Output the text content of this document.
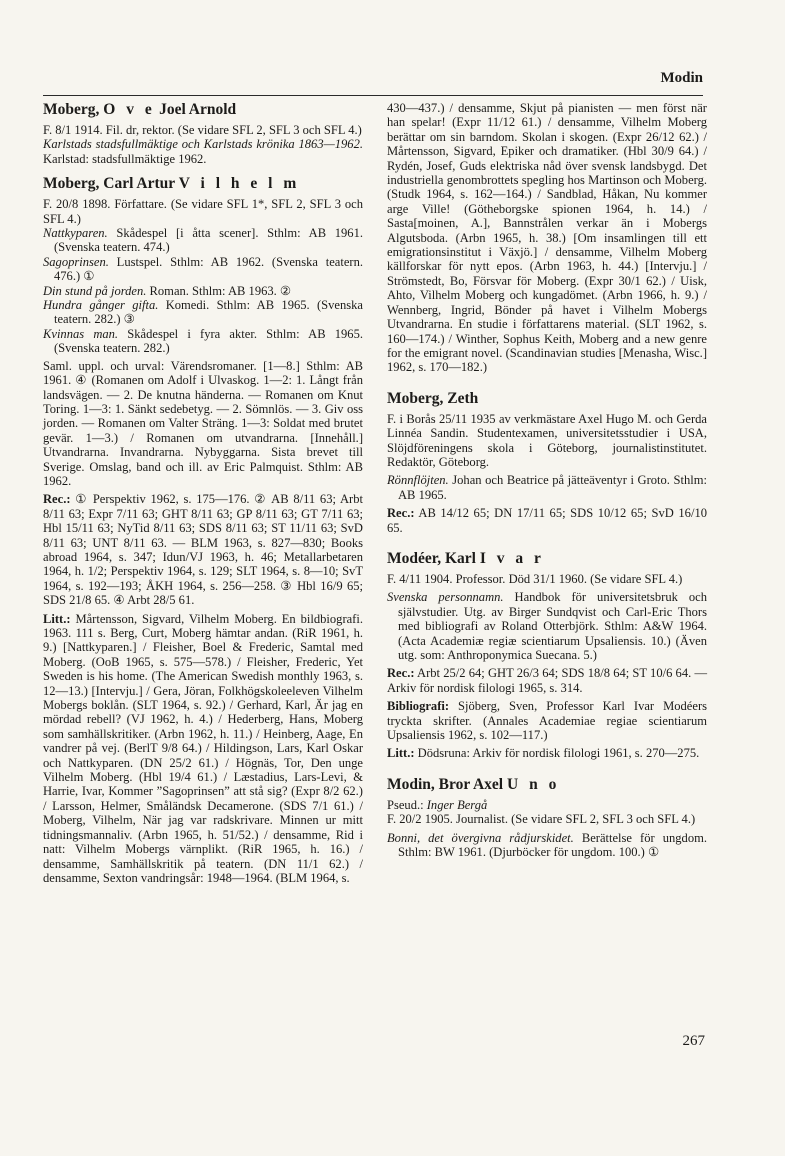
Modin
Moberg, O v e Joel Arnold

F. 8/1 1914. Fil. dr, rektor. (Se vidare SFL 2, SFL 3 och SFL 4.)

Karlstads stadsfullmäktige och Karlstads krönika 1863—1962. Karlstad: stadsfullmäktige 1962.

Moberg, Carl Artur V i l h e l m

F. 20/8 1898. Författare. (Se vidare SFL 1*, SFL 2, SFL 3 och SFL 4.)

Nattkyparen. Skådespel [i åtta scener]. Sthlm: AB 1961. (Svenska teatern. 474.)

Sagoprinsen. Lustspel. Sthlm: AB 1962. (Svenska teatern. 476.) ①

Din stund på jorden. Roman. Sthlm: AB 1963. ②

Hundra gånger gifta. Komedi. Sthlm: AB 1965. (Svenska teatern. 282.) ③

Kvinnas man. Skådespel i fyra akter. Sthlm: AB 1965. (Svenska teatern. 282.)

Saml. uppl. och urval: Värendsromaner. [1—8.] Sthlm: AB 1961. ④ (Romanen om Adolf i Ulvaskog. 1—2: 1. Långt från landsvägen. — 2. De knutna händerna. — Romanen om Knut Toring. 1—3: 1. Sänkt sedebetyg. — 2. Sömnlös. — 3. Giv oss jorden. — Romanen om Valter Sträng. 1—3: Soldat med brutet gevär. 1—3.) / Romanen om utvandrarna. [Innehåll.] Utvandrarna. Invandrarna. Nybyggarna. Sista brevet till Sverige. Omslag, band och ill. av Eric Palmquist. Sthlm: AB 1962.

Rec.: ① Perspektiv 1962, s. 175—176. ② AB 8/11 63; Arbt 8/11 63; Expr 7/11 63; GHT 8/11 63; GP 8/11 63; GT 7/11 63; Hbl 15/11 63; NyTid 8/11 63; SDS 8/11 63; ST 11/11 63; SvD 8/11 63; UNT 8/11 63. — BLM 1963, s. 827—830; Books abroad 1964, s. 347; Idun/VJ 1963, h. 46; Metallarbetaren 1964, h. 1/2; Perspektiv 1964, s. 129; SLT 1964, s. 8—10; SvT 1964, s. 192—193; ÅKH 1964, s. 256—258. ③ Hbl 16/9 65; SDS 21/8 65. ④ Arbt 28/5 61.

Litt.: Mårtensson, Sigvard, Vilhelm Moberg. En bildbiografi. 1963. 111 s. Berg, Curt, Moberg hämtar andan. (RiR 1961, h. 9.) [Nattkyparen.] / Fleisher, Boel & Frederic, Samtal med Moberg. (OoB 1965, s. 575—578.) / Fleisher, Frederic, Yet Sweden is his home. (The American Swedish monthly 1963, s. 12—13.) [Intervju.] / Gera, Jöran, Folkhögskoleeleven Vilhelm Mobergs boklån. (SLT 1964, s. 92.) / Gerhard, Karl, Är jag en mördad rebell? (VJ 1962, h. 4.) / Hederberg, Hans, Moberg som samhällskritiker. (Arbn 1962, h. 11.) / Heinberg, Aage, En vandrer på vej. (BerlT 9/8 64.) / Hildingson, Lars, Karl Oskar och Nattkyparen. (DN 25/2 61.) / Högnäs, Tor, Den unge Vilhelm Moberg. (Hbl 19/4 61.) / Læstadius, Lars-Levi, & Harrie, Ivar, Kommer ”Sagoprinsen” att stå sig? (Expr 8/2 62.) / Larsson, Helmer, Småländsk Decamerone. (SDS 7/1 61.) / Moberg, Vilhelm, När jag var radskrivare. Minnen ur mitt tidningsmannaliv. (Arbn 1965, h. 51/52.) / densamme, Rid i natt: Vilhelm Mobergs värnplikt. (RiR 1965, h. 16.) / densamme, Samhällskritik på teatern. (DN 11/1 62.) / densamme, Sexton vandringsår: 1948—1964. (BLM 1964, s.

430—437.) / densamme, Skjut på pianisten — men först när han spelar! (Expr 11/12 61.) / densamme, Vilhelm Moberg berättar om sin barndom. Skolan i skogen. (Expr 26/12 62.) / Mårtensson, Sigvard, Epiker och dramatiker. (Hbl 30/9 64.) / Rydén, Josef, Guds elektriska nåd över svensk landsbygd. Det industriella genombrottets spegling hos Martinson och Moberg. (Studk 1964, s. 162—164.) / Sandblad, Håkan, Nu kommer arge Ville! (Götheborgske spionen 1964, h. 14.) / Sasta[moinen, A.], Bannstrålen verkar än i Mobergs Algutsboda. (Arbn 1965, h. 38.) [Om insamlingen till ett emigrationsinstitut i Växjö.] / densamme, Vilhelm Moberg källforskar för nytt epos. (Arbn 1963, h. 44.) [Intervju.] / Strömstedt, Bo, Försvar för Moberg. (Expr 30/1 62.) / Uisk, Ahto, Vilhelm Moberg och kungadömet. (Arbn 1966, h. 9.) / Wennberg, Ingrid, Bönder på havet i Vilhelm Mobergs Utvandrarna. En studie i författarens material. (SLT 1962, s. 160—174.) / Winther, Sophus Keith, Moberg and a new genre for the emigrant novel. (Scandinavian studies [Menasha, Wisc.] 1962, s. 170—182.)

Moberg, Zeth

F. i Borås 25/11 1935 av verkmästare Axel Hugo M. och Gerda Linnéa Sandin. Studentexamen, universitetsstudier i USA, Slöjdföreningens skola i Göteborg, journalistinstitutet. Redaktör, Göteborg.

Rönnflöjten. Johan och Beatrice på jätteäventyr i Groto. Sthlm: AB 1965.

Rec.: AB 14/12 65; DN 17/11 65; SDS 10/12 65; SvD 16/10 65.

Modéer, Karl I v a r

F. 4/11 1904. Professor. Död 31/1 1960. (Se vidare SFL 4.)

Svenska personnamn. Handbok för universitetsbruk och självstudier. Utg. av Birger Sundqvist och Carl-Eric Thors med bibliografi av Roland Otterbjörk. Sthlm: A&W 1964. (Acta Academiæ regiæ scientiarum Upsaliensis. 10.) (Även utg. som: Anthroponymica Suecana. 5.)

Rec.: Arbt 25/2 64; GHT 26/3 64; SDS 18/8 64; ST 10/6 64. — Arkiv för nordisk filologi 1965, s. 314.

Bibliografi: Sjöberg, Sven, Professor Karl Ivar Modéers tryckta skrifter. (Annales Academiae regiae scientiarum Upsaliensis 1962, s. 102—117.)

Litt.: Dödsruna: Arkiv för nordisk filologi 1961, s. 270—275.

Modin, Bror Axel U n o

Pseud.: Inger Bergå

F. 20/2 1905. Journalist. (Se vidare SFL 2, SFL 3 och SFL 4.)

Bonni, det övergivna rådjurskidet. Berättelse för ungdom. Sthlm: BW 1961. (Djurböcker för ungdom. 100.) ①

267
